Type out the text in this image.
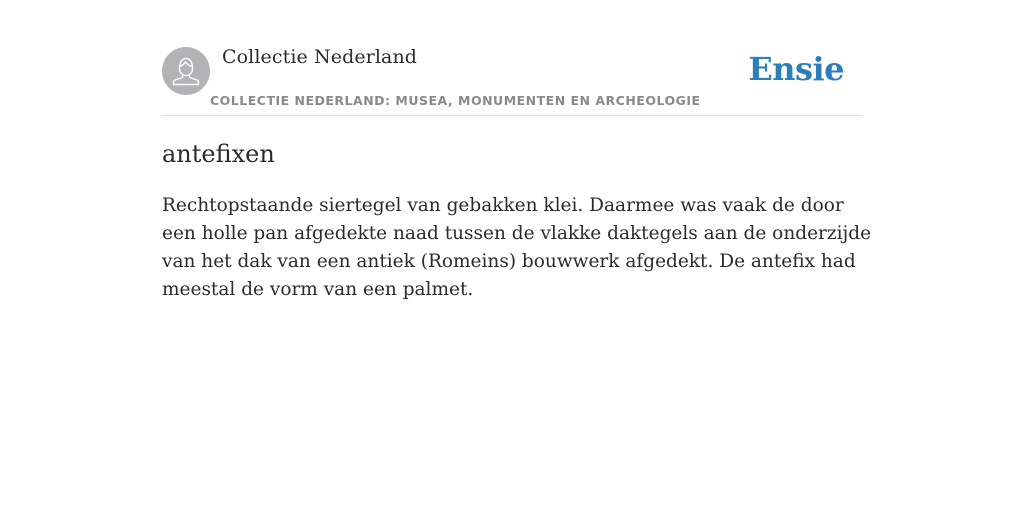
Collectie Nederland
COLLECTIE NEDERLAND: MUSEA, MONUMENTEN EN ARCHEOLOGIE
Ensie
antefixen

Rechtopstaande siertegel van gebakken klei. Daarmee was vaak de door een holle pan afgedekte naad tussen de vlakke daktegels aan de onderzijde van het dak van een antiek (Romeins) bouwwerk afgedekt. De antefix had meestal de vorm van een palmet.
